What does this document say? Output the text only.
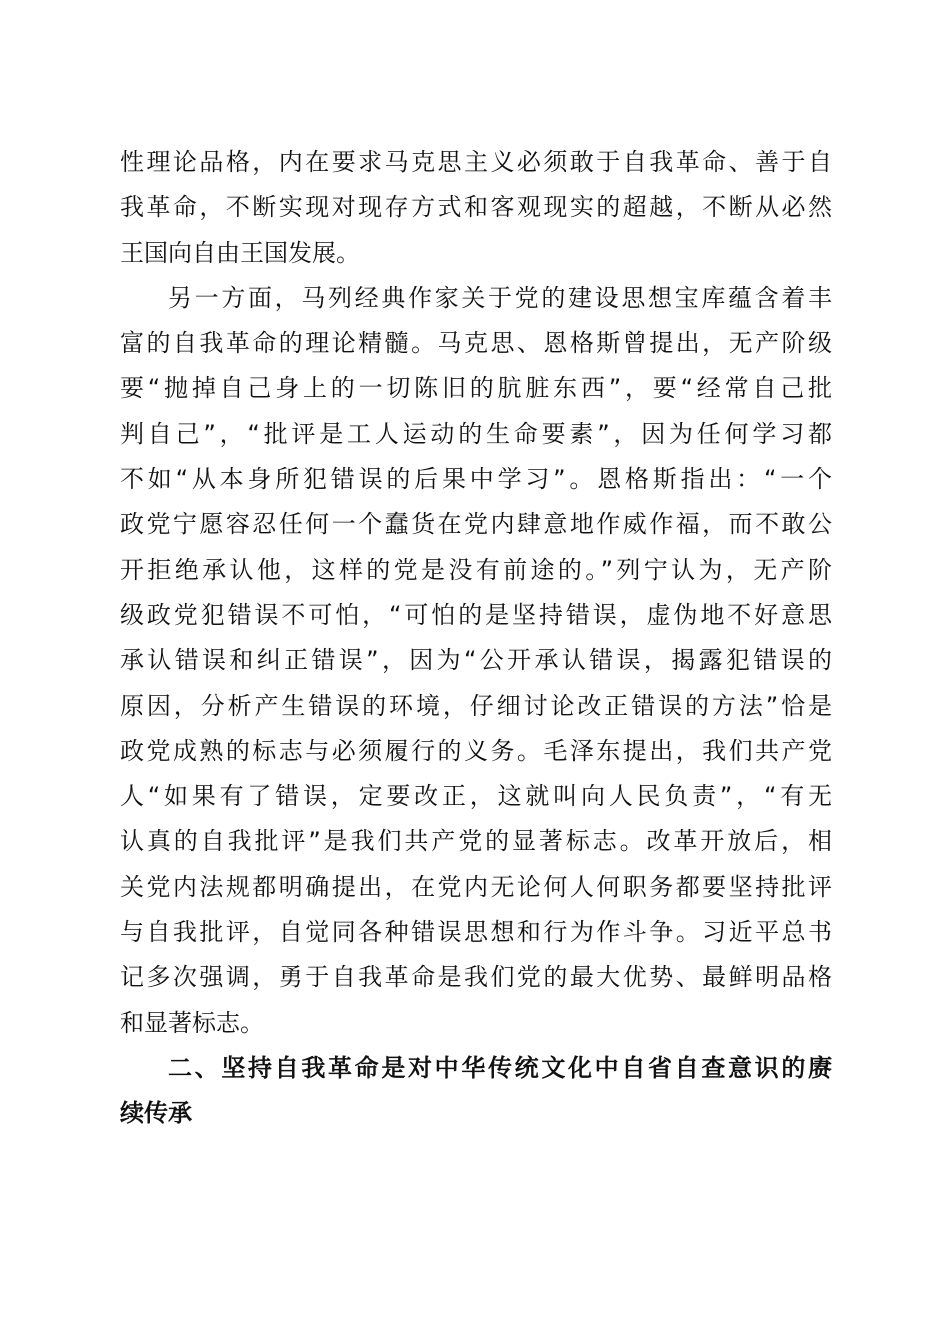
性理论品格，内在要求马克思主义必须敢于自我革命、善于自
我革命，不断实现对现存方式和客观现实的超越，不断从必然
王国向自由王国发展。
另一方面，马列经典作家关于党的建设思想宝库蕴含着丰
富的自我革命的理论精髓。马克思、恩格斯曾提出，无产阶级
要“抛掉自己身上的一切陈旧的肮脏东西”，要“经常自己批
判自己”，“批评是工人运动的生命要素”，因为任何学习都
不如“从本身所犯错误的后果中学习”。恩格斯指出：“一个
政党宁愿容忍任何一个蠢货在党内肆意地作威作福，而不敢公
开拒绝承认他，这样的党是没有前途的。”列宁认为，无产阶
级政党犯错误不可怕，“可怕的是坚持错误，虚伪地不好意思
承认错误和纠正错误”，因为“公开承认错误，揭露犯错误的
原因，分析产生错误的环境，仔细讨论改正错误的方法”恰是
政党成熟的标志与必须履行的义务。毛泽东提出，我们共产党
人“如果有了错误，定要改正，这就叫向人民负责”，“有无
认真的自我批评”是我们共产党的显著标志。改革开放后，相
关党内法规都明确提出，在党内无论何人何职务都要坚持批评
与自我批评，自觉同各种错误思想和行为作斗争。习近平总书
记多次强调，勇于自我革命是我们党的最大优势、最鲜明品格
和显著标志。
二、坚持自我革命是对中华传统文化中自省自查意识的赓
续传承
